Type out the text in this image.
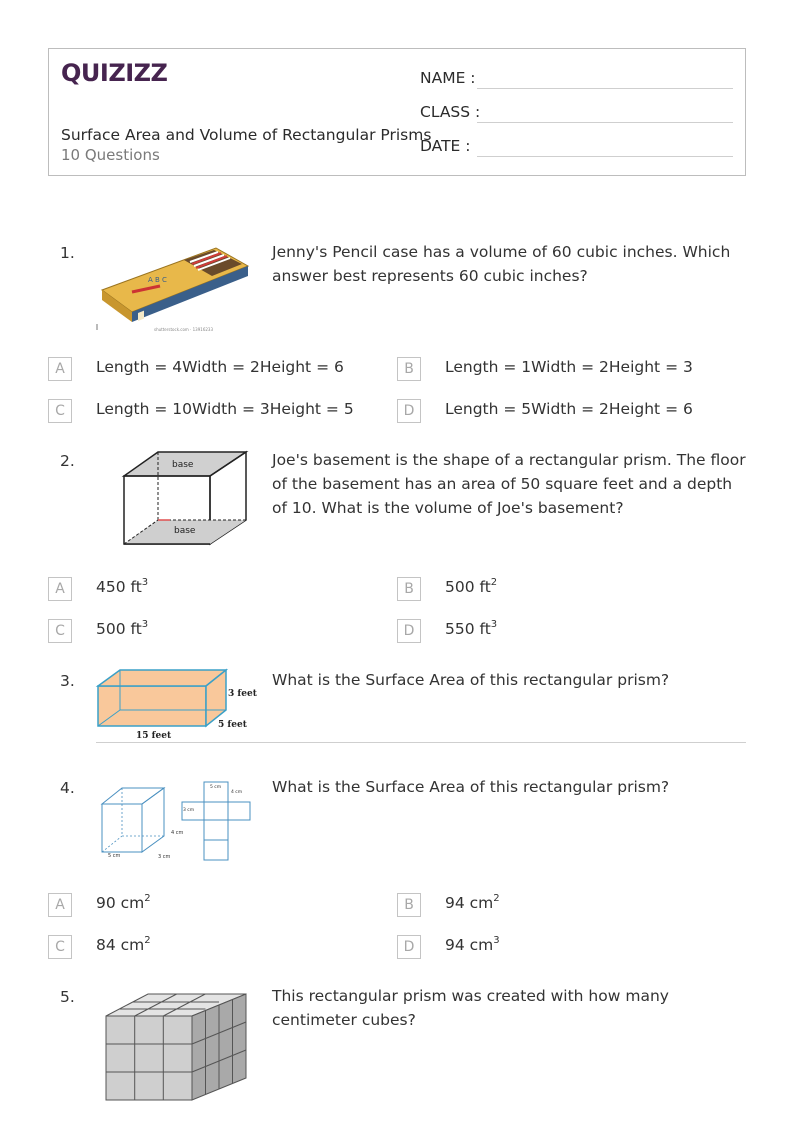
QUIZIZZ
Surface Area and Volume of Rectangular Prisms
10 Questions
NAME :
CLASS :
DATE :
1.
A B C
shutterstock.com · 13916233
Jenny's Pencil case has a volume of 60 cubic inches. Which answer best represents 60 cubic inches?
A	Length = 4Width = 2Height = 6	B	Length = 1Width = 2Height = 3
C	Length = 10Width = 3Height = 5	D	Length = 5Width = 2Height = 6
2.	base
base
Joe's basement is the shape of a rectangular prism. The floor of the basement has an area of 50 square feet and a depth of 10. What is the volume of Joe's basement?
A	450 $ft^3$	B	500 $ft^2$
C	500 $ft^3$	D	550 $ft^3$
3.
3 feet
5 feet
15 feet
What is the Surface Area of this rectangular prism?
4.
4 cm
5 cm	3 cm
5 cm
4 cm
3 cm
What is the Surface Area of this rectangular prism?
A	90 $cm^2$	B	94 $cm^2$
C	84 $cm^2$	D	94 $cm^3$
5.	This rectangular prism was created with how many centimeter cubes?
